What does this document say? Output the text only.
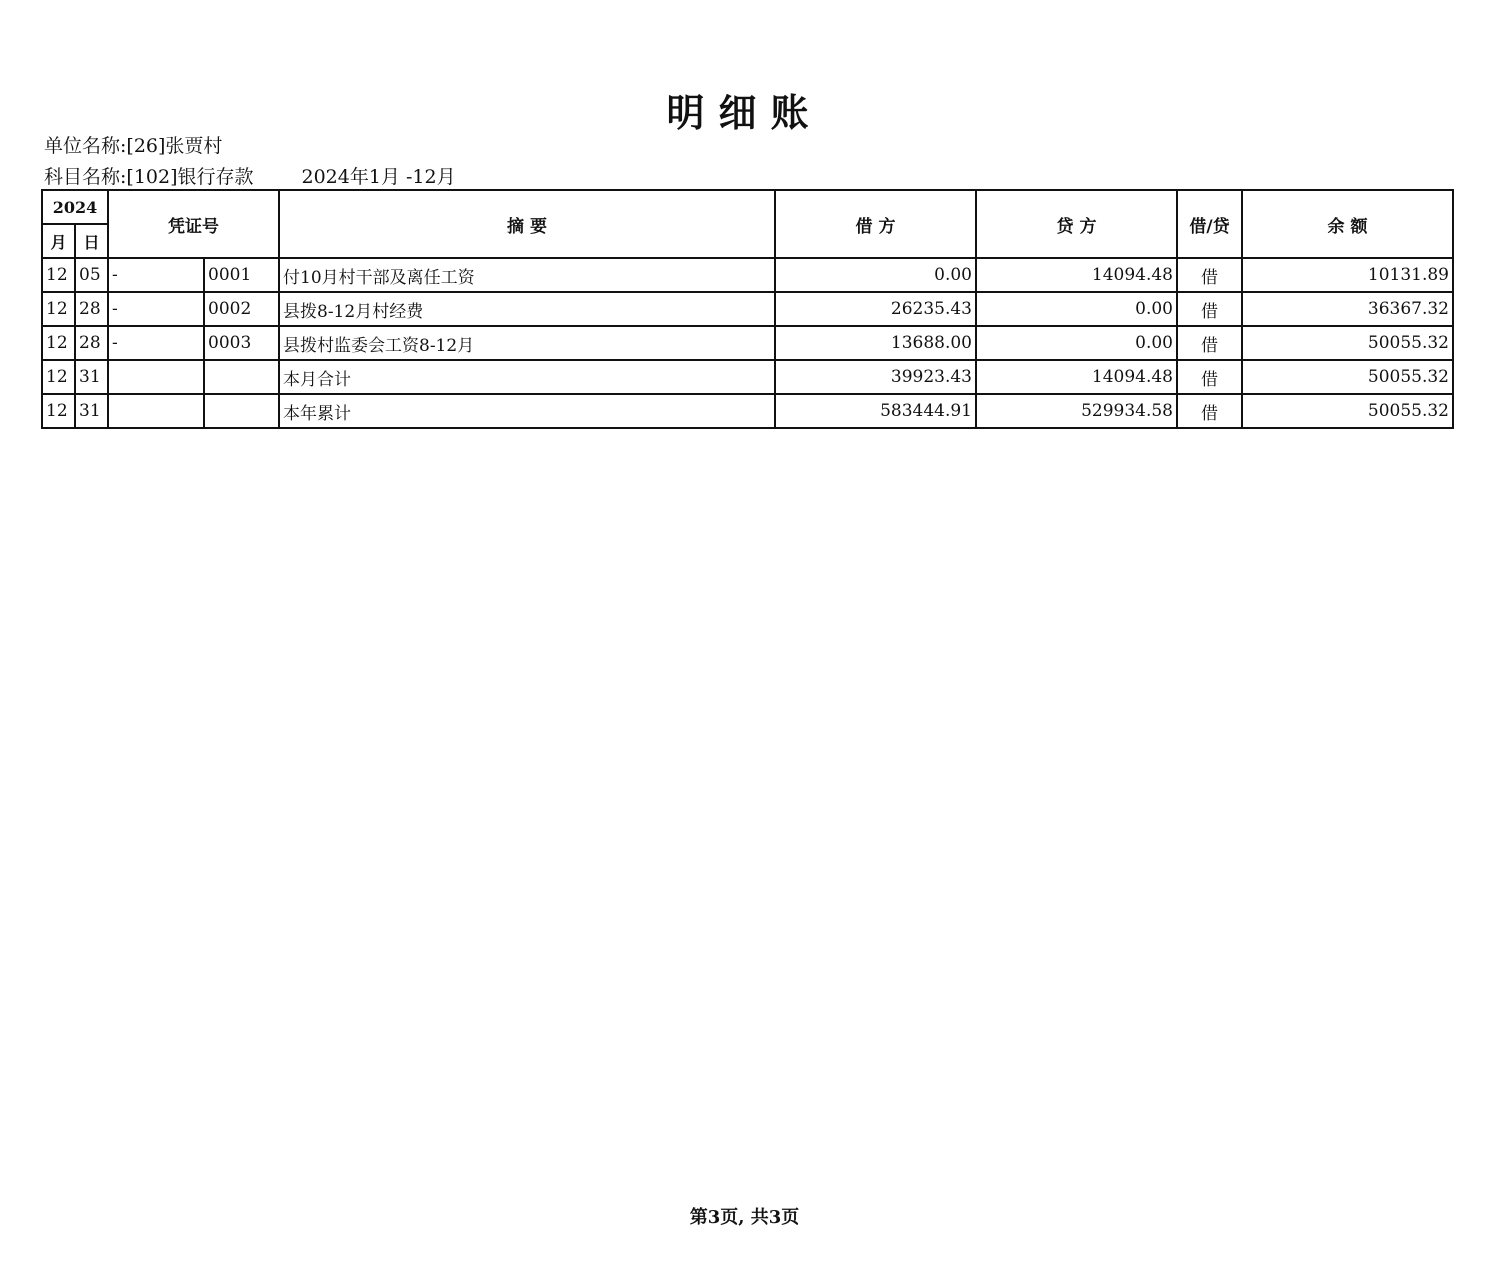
明细账
单位名称:[26]张贾村
科目名称:[102]银行存款	2024年1月 -12月
2024		凭证号		摘 要	借 方	贷 方	借/贷	余 额
月	日							
12	05	-	0001	付10月村干部及离任工资	0.00	14094.48	借	10131.89
12	28	-	0002	县拨8-12月村经费	26235.43	0.00	借	36367.32
12	28	-	0003	县拨村监委会工资8-12月	13688.00	0.00	借	50055.32
12	31			本月合计	39923.43	14094.48	借	50055.32
12	31			本年累计	583444.91	529934.58	借	50055.32
第3页, 共3页
